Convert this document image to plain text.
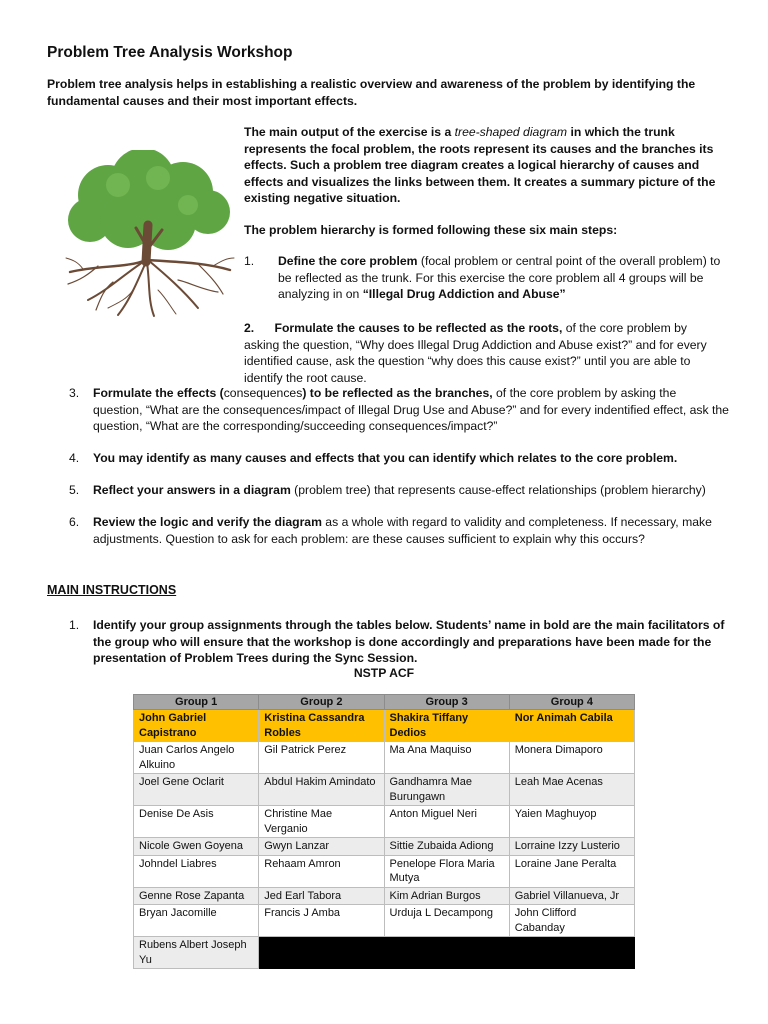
Problem Tree Analysis Workshop

Problem tree analysis helps in establishing a realistic overview and awareness of the problem by identifying the fundamental causes and their most important effects.

The main output of the exercise is a tree-shaped diagram in which the trunk represents the focal problem, the roots represent its causes and the branches its effects. Such a problem tree diagram creates a logical hierarchy of causes and effects and visualizes the links between them. It creates a summary picture of the existing negative situation.

The problem hierarchy is formed following these six main steps:

1.	Define the core problem (focal problem or central point of the overall problem) to be reflected as the trunk. For this exercise the core problem all 4 groups will be analyzing in on “Illegal Drug Addiction and Abuse”

2. Formulate the causes to be reflected as the roots, of the core problem by asking the question, “Why does Illegal Drug Addiction and Abuse exist?” and for every identified cause, ask the question “why does this cause exist?” until you are able to identify the root cause.

3.	Formulate the effects (consequences) to be reflected as the branches, of the core problem by asking the question, “What are the consequences/impact of Illegal Drug Use and Abuse?” and for every indentified effect, ask the question, “What are the corresponding/succeeding consequences/impact?”
4.	You may identify as many causes and effects that you can identify which relates to the core problem.
5.	Reflect your answers in a diagram (problem tree) that represents cause-effect relationships (problem hierarchy)
6.	Review the logic and verify the diagram as a whole with regard to validity and completeness. If necessary, make adjustments. Question to ask for each problem: are these causes sufficient to explain why this occurs?
MAIN INSTRUCTIONS
1.	Identify your group assignments through the tables below. Students’ name in bold are the main facilitators of the group who will ensure that the workshop is done accordingly and preparations have been made for the presentation of Problem Trees during the Sync Session.
NSTP ACF
Group 1	Group 2	Group 3	Group 4
John Gabriel Capistrano	Kristina Cassandra Robles	Shakira Tiffany Dedios	Nor Animah Cabila
Juan Carlos Angelo Alkuino	Gil Patrick Perez	Ma Ana Maquiso	Monera Dimaporo
Joel Gene Oclarit	Abdul Hakim Amindato	Gandhamra Mae Burungawn	Leah Mae Acenas
Denise De Asis	Christine Mae Verganio	Anton Miguel Neri	Yaien Maghuyop
Nicole Gwen Goyena	Gwyn Lanzar	Sittie Zubaida Adiong	Lorraine Izzy Lusterio
Johndel Liabres	Rehaam Amron	Penelope Flora Maria Mutya	Loraine Jane Peralta
Genne Rose Zapanta	Jed Earl Tabora	Kim Adrian Burgos	Gabriel Villanueva, Jr
Bryan Jacomille	Francis J Amba	Urduja L Decampong	John Clifford Cabanday
Rubens Albert Joseph Yu			
